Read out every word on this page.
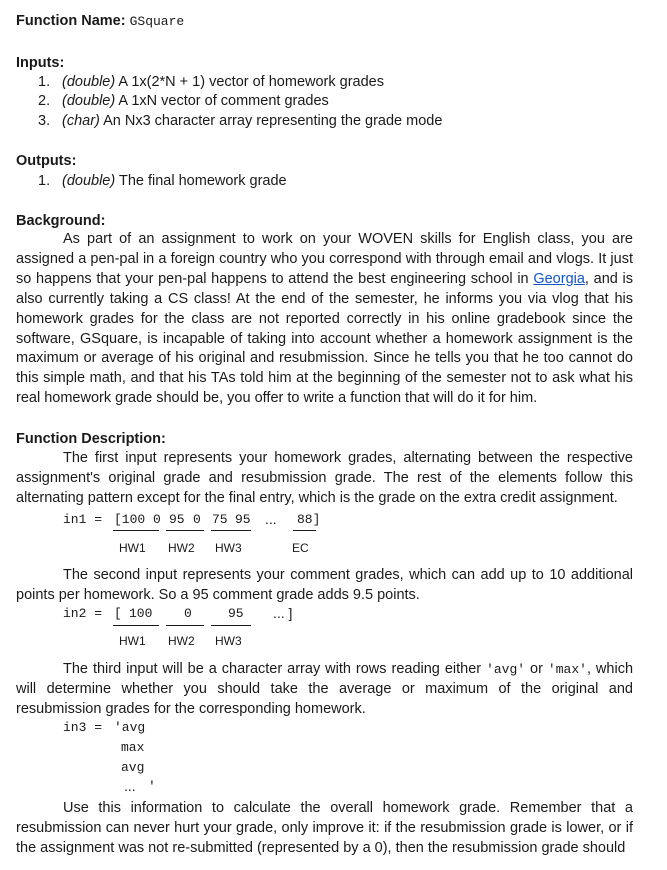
Function Name: GSquare
Inputs:
1. (double) A 1x(2*N + 1) vector of homework grades
2. (double) A 1xN vector of comment grades
3. (char) An Nx3 character array representing the grade mode
Outputs:
1. (double) The final homework grade
Background:
As part of an assignment to work on your WOVEN skills for English class, you are assigned a pen-pal in a foreign country who you correspond with through email and vlogs. It just so happens that your pen-pal happens to attend the best engineering school in Georgia, and is also currently taking a CS class! At the end of the semester, he informs you via vlog that his homework grades for the class are not reported correctly in his online gradebook since the software, GSquare, is incapable of taking into account whether a homework assignment is the maximum or average of his original and resubmission. Since he tells you that he too cannot do this simple math, and that his TAs told him at the beginning of the semester not to ask what his real homework grade should be, you offer to write a function that will do it for him.
Function Description:
The first input represents your homework grades, alternating between the respective assignment's original grade and resubmission grade. The rest of the elements follow this alternating pattern except for the final entry, which is the grade on the extra credit assignment.
in1 = [100 0 95 0 75 95 ... 88]
HW1 HW2 HW3	EC
The second input represents your comment grades, which can add up to 10 additional points per homework. So a 95 comment grade adds 9.5 points.
in2 = [ 100 0	95 ... ]
HW1 HW2 HW3
The third input will be a character array with rows reading either 'avg' or 'max', which will determine whether you should take the average or maximum of the original and resubmission grades for the corresponding homework.
in3 = 'avg
max
avg
... '
Use this information to calculate the overall homework grade. Remember that a resubmission can never hurt your grade, only improve it: if the resubmission grade is lower, or if the assignment was not re-submitted (represented by a 0), then the resubmission grade should
